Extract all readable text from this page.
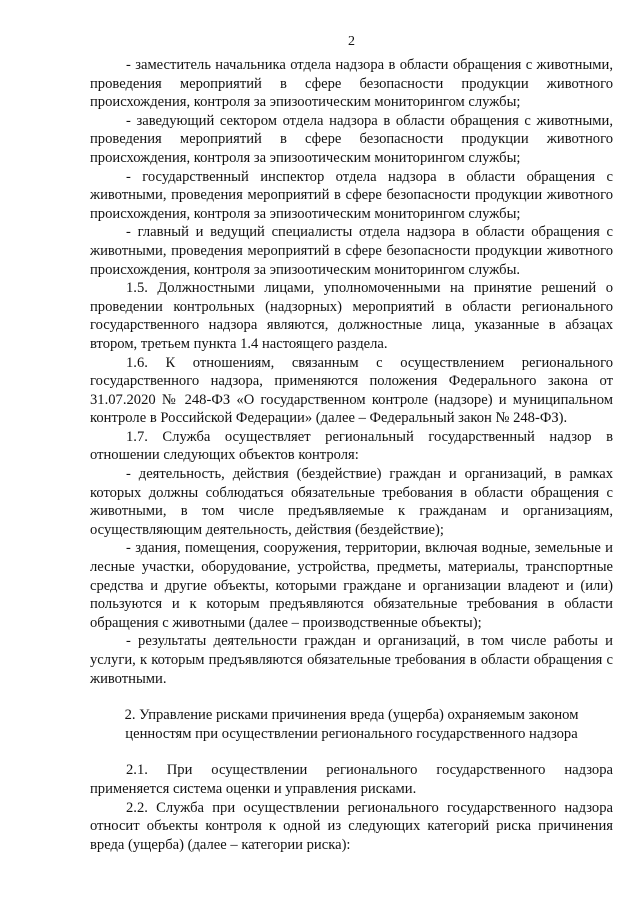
2

- заместитель начальника отдела надзора в области обращения с животными, проведения мероприятий в сфере безопасности продукции животного происхождения, контроля за эпизоотическим мониторингом службы;

- заведующий сектором отдела надзора в области обращения с животными, проведения мероприятий в сфере безопасности продукции животного происхождения, контроля за эпизоотическим мониторингом службы;

- государственный инспектор отдела надзора в области обращения с животными, проведения мероприятий в сфере безопасности продукции животного происхождения, контроля за эпизоотическим мониторингом службы;

- главный и ведущий специалисты отдела надзора в области обращения с животными, проведения мероприятий в сфере безопасности продукции животного происхождения, контроля за эпизоотическим мониторингом службы.

1.5. Должностными лицами, уполномоченными на принятие решений о проведении контрольных (надзорных) мероприятий в области регионального государственного надзора являются, должностные лица, указанные в абзацах втором, третьем пункта 1.4 настоящего раздела.

1.6. К отношениям, связанным с осуществлением регионального государственного надзора, применяются положения Федерального закона от 31.07.2020 № 248-ФЗ «О государственном контроле (надзоре) и муниципальном контроле в Российской Федерации» (далее – Федеральный закон № 248-ФЗ).

1.7. Служба осуществляет региональный государственный надзор в отношении следующих объектов контроля:

- деятельность, действия (бездействие) граждан и организаций, в рамках которых должны соблюдаться обязательные требования в области обращения с животными, в том числе предъявляемые к гражданам и организациям, осуществляющим деятельность, действия (бездействие);

- здания, помещения, сооружения, территории, включая водные, земельные и лесные участки, оборудование, устройства, предметы, материалы, транспортные средства и другие объекты, которыми граждане и организации владеют и (или) пользуются и к которым предъявляются обязательные требования в области обращения с животными (далее – производственные объекты);

- результаты деятельности граждан и организаций, в том числе работы и услуги, к которым предъявляются обязательные требования в области обращения с животными.

2. Управление рисками причинения вреда (ущерба) охраняемым законом ценностям при осуществлении регионального государственного надзора

2.1. При осуществлении регионального государственного надзора применяется система оценки и управления рисками.

2.2. Служба при осуществлении регионального государственного надзора относит объекты контроля к одной из следующих категорий риска причинения вреда (ущерба) (далее – категории риска):
